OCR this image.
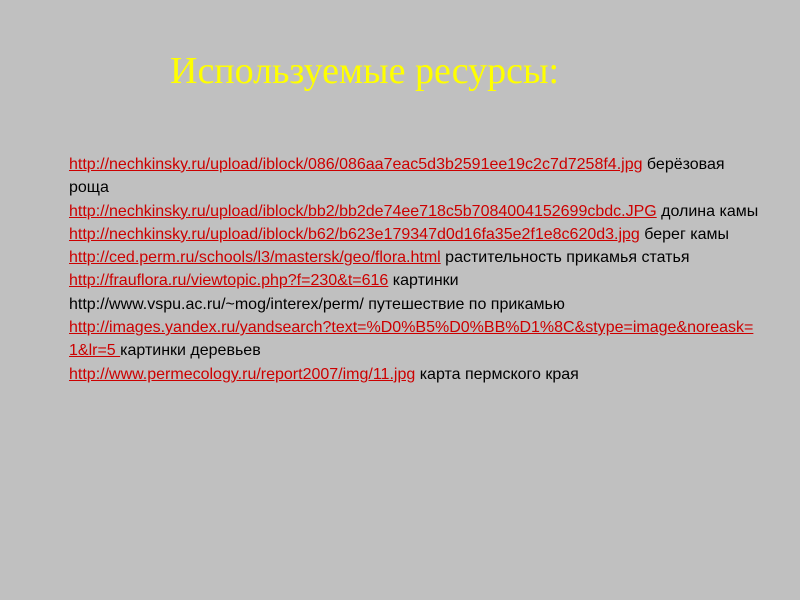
Используемые ресурсы:
http://nechkinsky.ru/upload/iblock/086/086aa7eac5d3b2591ee19c2c7d7258f4.jpg берёзовая роща
http://nechkinsky.ru/upload/iblock/bb2/bb2de74ee718c5b7084004152699cbdc.JPG долина камы
http://nechkinsky.ru/upload/iblock/b62/b623e179347d0d16fa35e2f1e8c620d3.jpg берег камы
http://ced.perm.ru/schools/l3/mastersk/geo/flora.html растительность прикамья статья
http://frauflora.ru/viewtopic.php?f=230&t=616 картинки
http://www.vspu.ac.ru/~mog/interex/perm/ путешествие по прикамью
http://images.yandex.ru/yandsearch?text=%D0%B5%D0%BB%D1%8C&stype=image&noreask=1&lr=5 картинки деревьев
http://www.permecology.ru/report2007/img/11.jpg карта пермского края
